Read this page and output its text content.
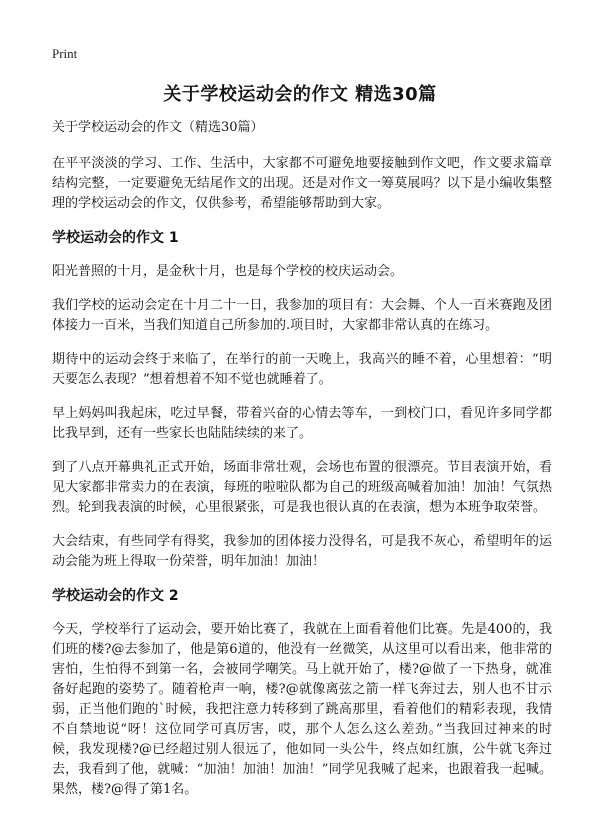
Print
关于学校运动会的作文 精选30篇

关于学校运动会的作文（精选30篇）

在平平淡淡的学习、工作、生活中，大家都不可避免地要接触到作文吧，作文要求篇章结构完整，一定要避免无结尾作文的出现。还是对作文一筹莫展吗？以下是小编收集整理的学校运动会的作文，仅供参考，希望能够帮助到大家。

学校运动会的作文 1

阳光普照的十月，是金秋十月，也是每个学校的校庆运动会。

我们学校的运动会定在十月二十一日，我参加的项目有：大会舞、个人一百米赛跑及团体接力一百米，当我们知道自己所参加的.项目时，大家都非常认真的在练习。

期待中的运动会终于来临了，在举行的前一天晚上，我高兴的睡不着，心里想着：“明天要怎么表现？”想着想着不知不觉也就睡着了。

早上妈妈叫我起床，吃过早餐，带着兴奋的心情去等车，一到校门口，看见许多同学都比我早到，还有一些家长也陆陆续续的来了。

到了八点开幕典礼正式开始，场面非常壮观，会场也布置的很漂亮。节目表演开始，看见大家都非常卖力的在表演，每班的啦啦队都为自己的班级高喊着加油！加油！气氛热烈。轮到我表演的时候，心里很紧张，可是我也很认真的在表演，想为本班争取荣誉。

大会结束，有些同学有得奖，我参加的团体接力没得名，可是我不灰心，希望明年的运动会能为班上得取一份荣誉，明年加油！加油！

学校运动会的作文 2

今天，学校举行了运动会，要开始比赛了，我就在上面看着他们比赛。先是400的，我们班的楼?@去参加了，他是第6道的，他没有一丝微笑，从这里可以看出来，他非常的害怕，生怕得不到第一名，会被同学嘲笑。马上就开始了，楼?@做了一下热身，就准备好起跑的姿势了。随着枪声一响，楼?@就像离弦之箭一样飞奔过去，别人也不甘示弱，正当他们跑的`时候，我把注意力转移到了跳高那里，看着他们的精彩表现，我情不自禁地说“呀！这位同学可真厉害，哎，那个人怎么这么差劲。”当我回过神来的时候，我发现楼?@已经超过别人很远了，他如同一头公牛，终点如红旗，公牛就飞奔过去，我看到了他，就喊：“加油！加油！加油！”同学见我喊了起来，也跟着我一起喊。果然，楼?@得了第1名。
